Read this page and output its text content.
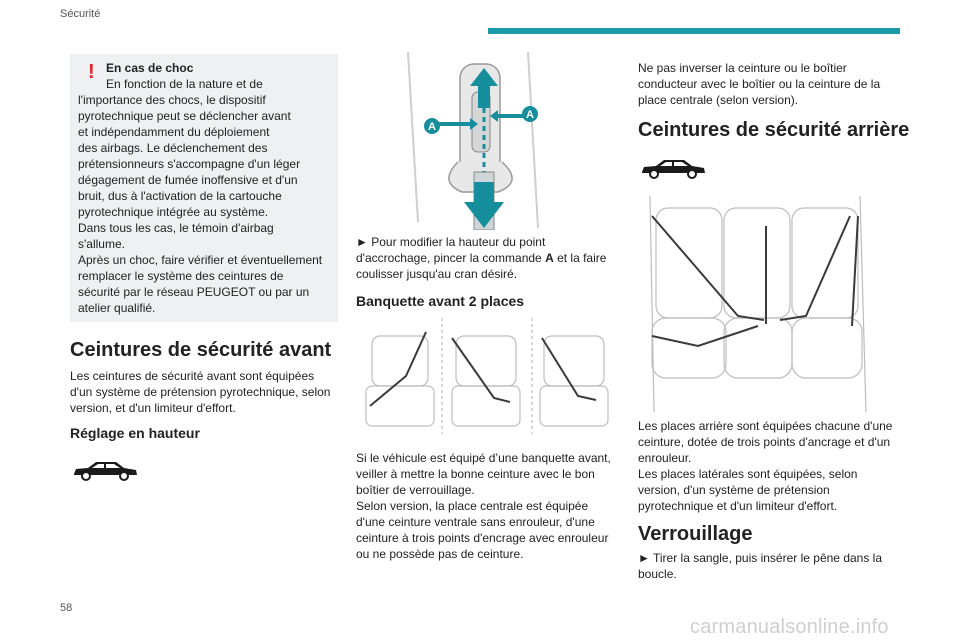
Sécurité
! En cas de choc
En fonction de la nature et de
l'importance des chocs, le dispositif
pyrotechnique peut se déclencher avant
et indépendamment du déploiement
des airbags. Le déclenchement des
prétensionneurs s'accompagne d'un léger
dégagement de fumée inoffensive et d'un
bruit, dus à l'activation de la cartouche
pyrotechnique intégrée au système.
Dans tous les cas, le témoin d'airbag
s'allume.
Après un choc, faire vérifier et éventuellement
remplacer le système des ceintures de
sécurité par le réseau PEUGEOT ou par un
atelier qualifié.
Ceintures de sécurité avant
Les ceintures de sécurité avant sont équipées
d'un système de prétension pyrotechnique, selon
version, et d'un limiteur d'effort.
Réglage en hauteur
A
A
► Pour modifier la hauteur du point
d'accrochage, pincer la commande A et la faire
coulisser jusqu'au cran désiré.
Banquette avant 2 places
Si le véhicule est équipé d’une banquette avant,
veiller à mettre la bonne ceinture avec le bon
boîtier de verrouillage.
Selon version, la place centrale est équipée
d'une ceinture ventrale sans enrouleur, d'une
ceinture à trois points d'encrage avec enrouleur
ou ne possède pas de ceinture.
Ne pas inverser la ceinture ou le boîtier
conducteur avec le boîtier ou la ceinture de la
place centrale (selon version).
Ceintures de sécurité arrière
Les places arrière sont équipées chacune d'une
ceinture, dotée de trois points d'ancrage et d'un
enrouleur.
Les places latérales sont équipées, selon
version, d'un système de prétension
pyrotechnique et d'un limiteur d'effort.
Verrouillage
► Tirer la sangle, puis insérer le pêne dans la
boucle.
58
carmanualsonline.info
